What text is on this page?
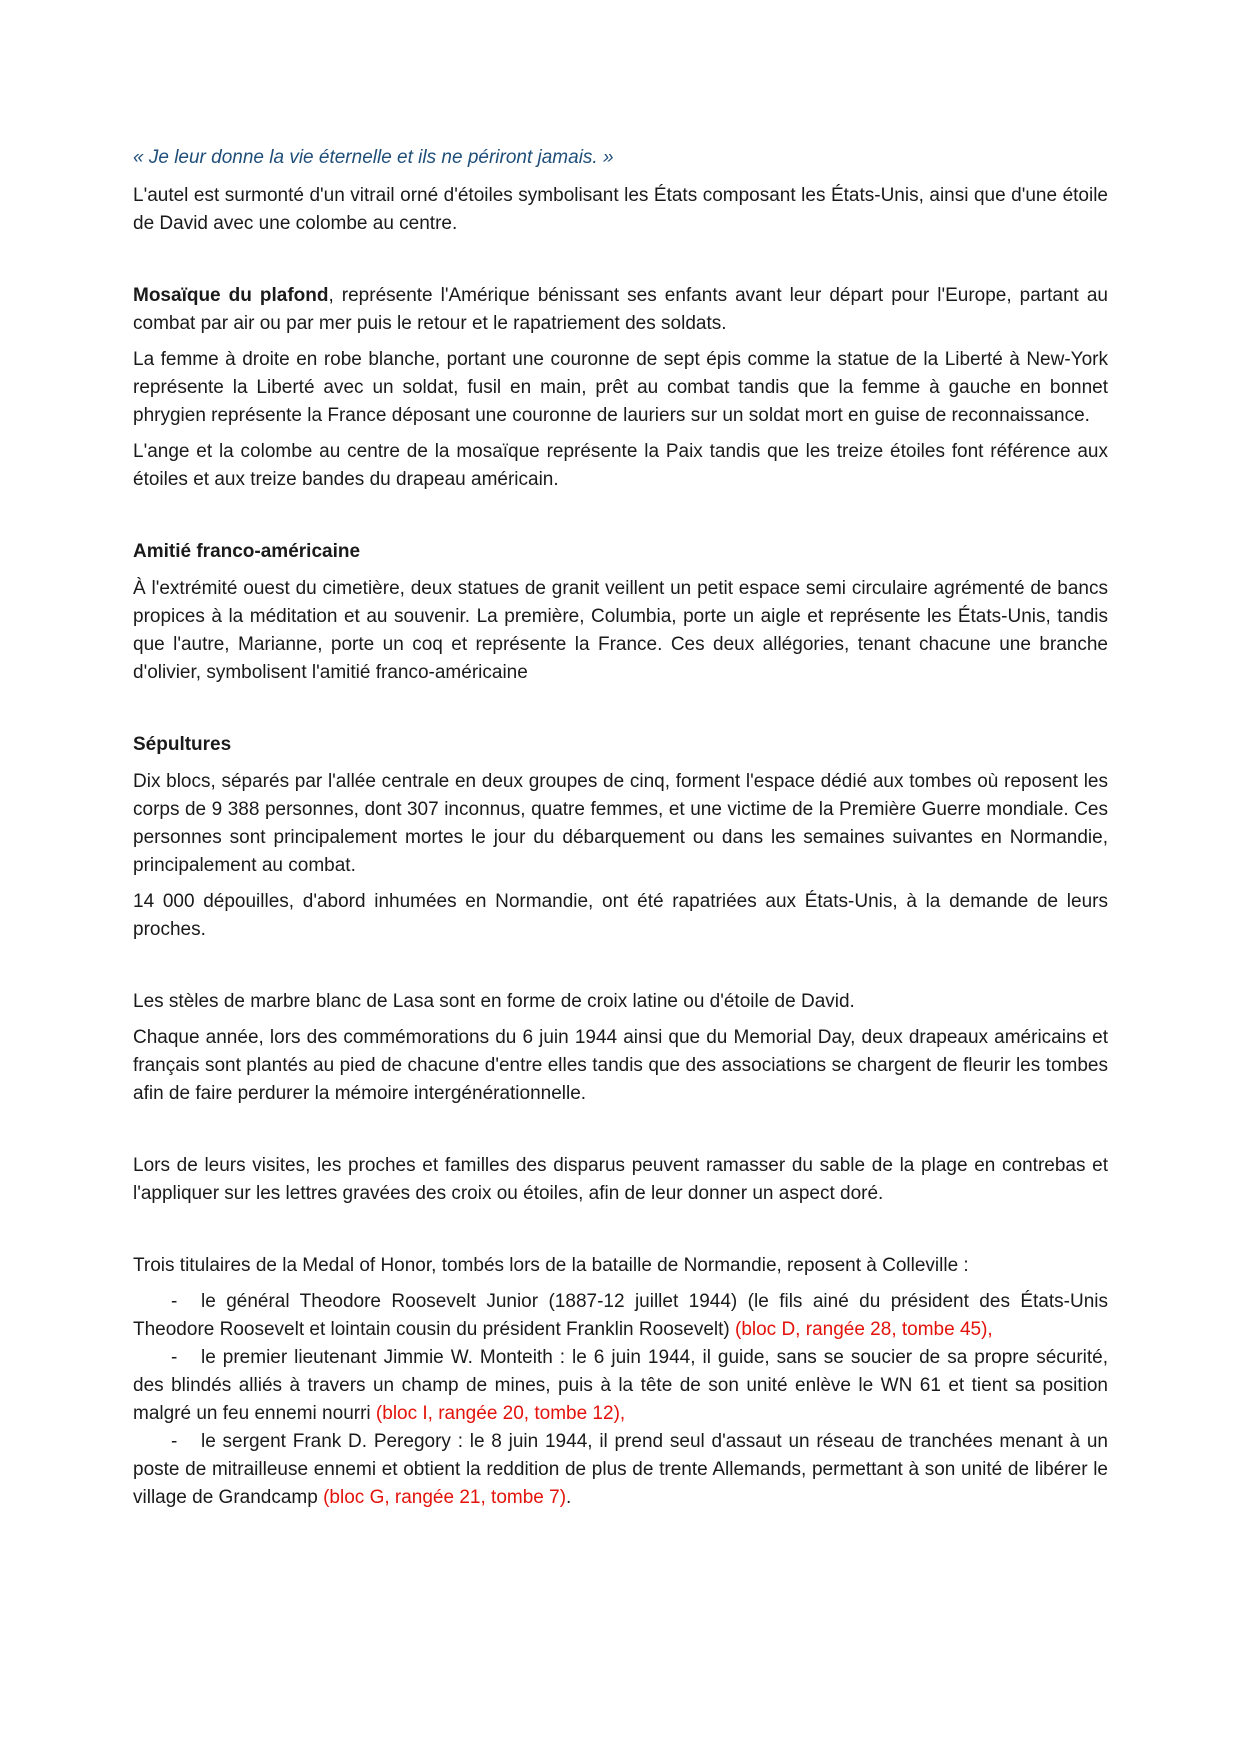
« Je leur donne la vie éternelle et ils ne périront jamais. »

L'autel est surmonté d'un vitrail orné d'étoiles symbolisant les États composant les États-Unis, ainsi que d'une étoile de David avec une colombe au centre.

Mosaïque du plafond, représente l'Amérique bénissant ses enfants avant leur départ pour l'Europe, partant au combat par air ou par mer puis le retour et le rapatriement des soldats.

La femme à droite en robe blanche, portant une couronne de sept épis comme la statue de la Liberté à New-York représente la Liberté avec un soldat, fusil en main, prêt au combat tandis que la femme à gauche en bonnet phrygien représente la France déposant une couronne de lauriers sur un soldat mort en guise de reconnaissance.

L'ange et la colombe au centre de la mosaïque représente la Paix tandis que les treize étoiles font référence aux étoiles et aux treize bandes du drapeau américain.

Amitié franco-américaine

À l'extrémité ouest du cimetière, deux statues de granit veillent un petit espace semi circulaire agrémenté de bancs propices à la méditation et au souvenir. La première, Columbia, porte un aigle et représente les États-Unis, tandis que l'autre, Marianne, porte un coq et représente la France. Ces deux allégories, tenant chacune une branche d'olivier, symbolisent l'amitié franco-américaine

Sépultures

Dix blocs, séparés par l'allée centrale en deux groupes de cinq, forment l'espace dédié aux tombes où reposent les corps de 9 388 personnes, dont 307 inconnus, quatre femmes, et une victime de la Première Guerre mondiale. Ces personnes sont principalement mortes le jour du débarquement ou dans les semaines suivantes en Normandie, principalement au combat.

14 000 dépouilles, d'abord inhumées en Normandie, ont été rapatriées aux États-Unis, à la demande de leurs proches.

Les stèles de marbre blanc de Lasa sont en forme de croix latine ou d'étoile de David.

Chaque année, lors des commémorations du 6 juin 1944 ainsi que du Memorial Day, deux drapeaux américains et français sont plantés au pied de chacune d'entre elles tandis que des associations se chargent de fleurir les tombes afin de faire perdurer la mémoire intergénérationnelle.

Lors de leurs visites, les proches et familles des disparus peuvent ramasser du sable de la plage en contrebas et l'appliquer sur les lettres gravées des croix ou étoiles, afin de leur donner un aspect doré.

Trois titulaires de la Medal of Honor, tombés lors de la bataille de Normandie, reposent à Colleville :

- le général Theodore Roosevelt Junior (1887-12 juillet 1944) (le fils ainé du président des États-Unis Theodore Roosevelt et lointain cousin du président Franklin Roosevelt) (bloc D, rangée 28, tombe 45),

- le premier lieutenant Jimmie W. Monteith : le 6 juin 1944, il guide, sans se soucier de sa propre sécurité, des blindés alliés à travers un champ de mines, puis à la tête de son unité enlève le WN 61 et tient sa position malgré un feu ennemi nourri (bloc I, rangée 20, tombe 12),

- le sergent Frank D. Peregory : le 8 juin 1944, il prend seul d'assaut un réseau de tranchées menant à un poste de mitrailleuse ennemi et obtient la reddition de plus de trente Allemands, permettant à son unité de libérer le village de Grandcamp (bloc G, rangée 21, tombe 7).
